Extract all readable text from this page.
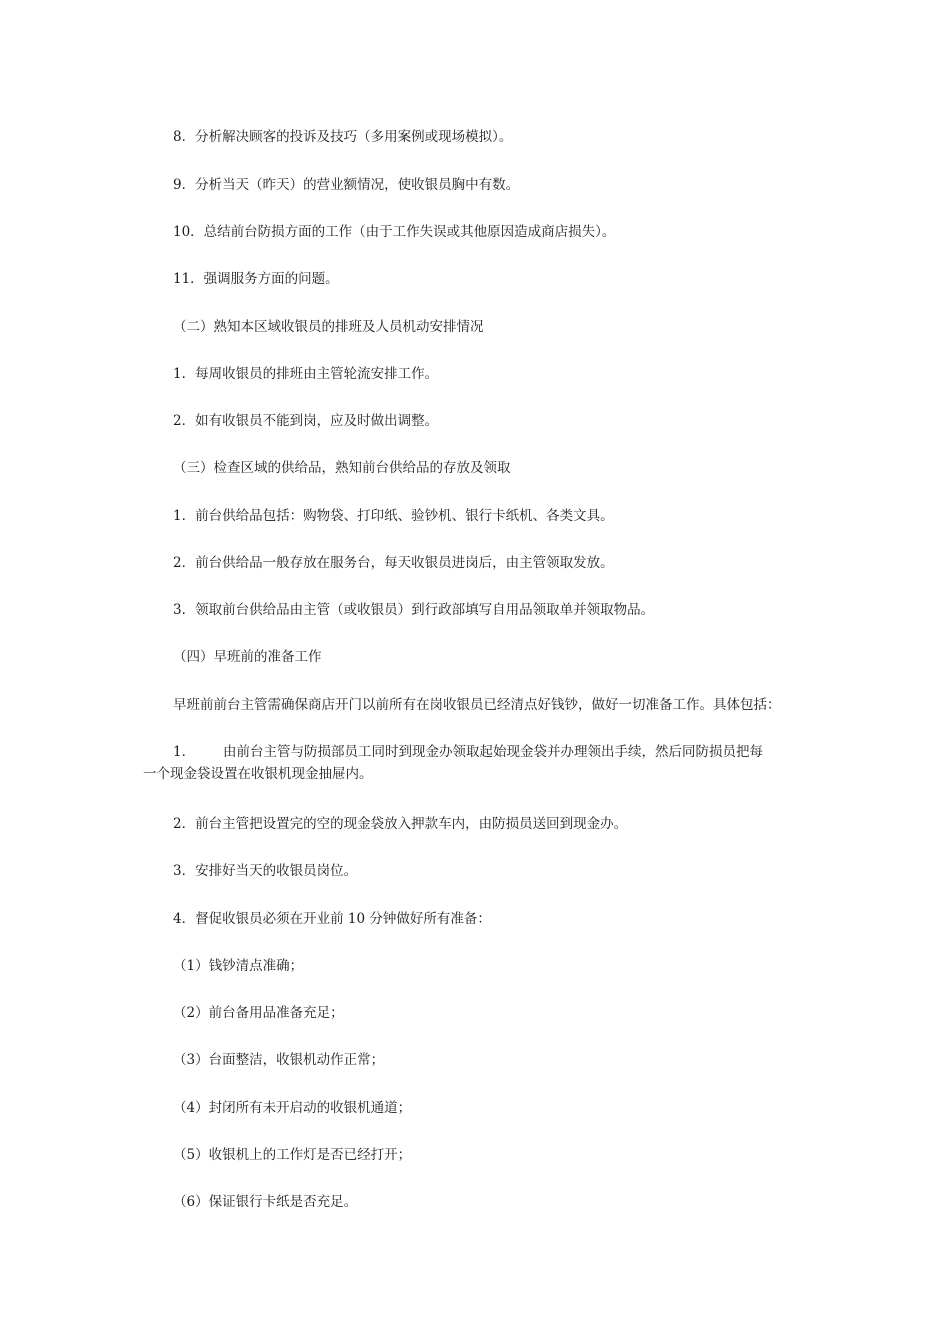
8．分析解决顾客的投诉及技巧（多用案例或现场模拟）。
9．分析当天（昨天）的营业额情况，使收银员胸中有数。
10．总结前台防损方面的工作（由于工作失误或其他原因造成商店损失）。
11．强调服务方面的问题。
（二）熟知本区域收银员的排班及人员机动安排情况
1．每周收银员的排班由主管轮流安排工作。
2．如有收银员不能到岗，应及时做出调整。
（三）检查区域的供给品，熟知前台供给品的存放及领取
1．前台供给品包括：购物袋、打印纸、验钞机、银行卡纸机、各类文具。
2．前台供给品一般存放在服务台，每天收银员进岗后，由主管领取发放。
3．领取前台供给品由主管（或收银员）到行政部填写自用品领取单并领取物品。
（四）早班前的准备工作
早班前前台主管需确保商店开门以前所有在岗收银员已经清点好钱钞，做好一切准备工作。具体包括：
1． 由前台主管与防损部员工同时到现金办领取起始现金袋并办理领出手续，然后同防损员把每
一个现金袋设置在收银机现金抽屉内。
2．前台主管把设置完的空的现金袋放入押款车内，由防损员送回到现金办。
3．安排好当天的收银员岗位。
4．督促收银员必须在开业前 10 分钟做好所有准备：
（1）钱钞清点准确；
（2）前台备用品准备充足；
（3）台面整洁，收银机动作正常；
（4）封闭所有未开启动的收银机通道；
（5）收银机上的工作灯是否已经打开；
（6）保证银行卡纸是否充足。
